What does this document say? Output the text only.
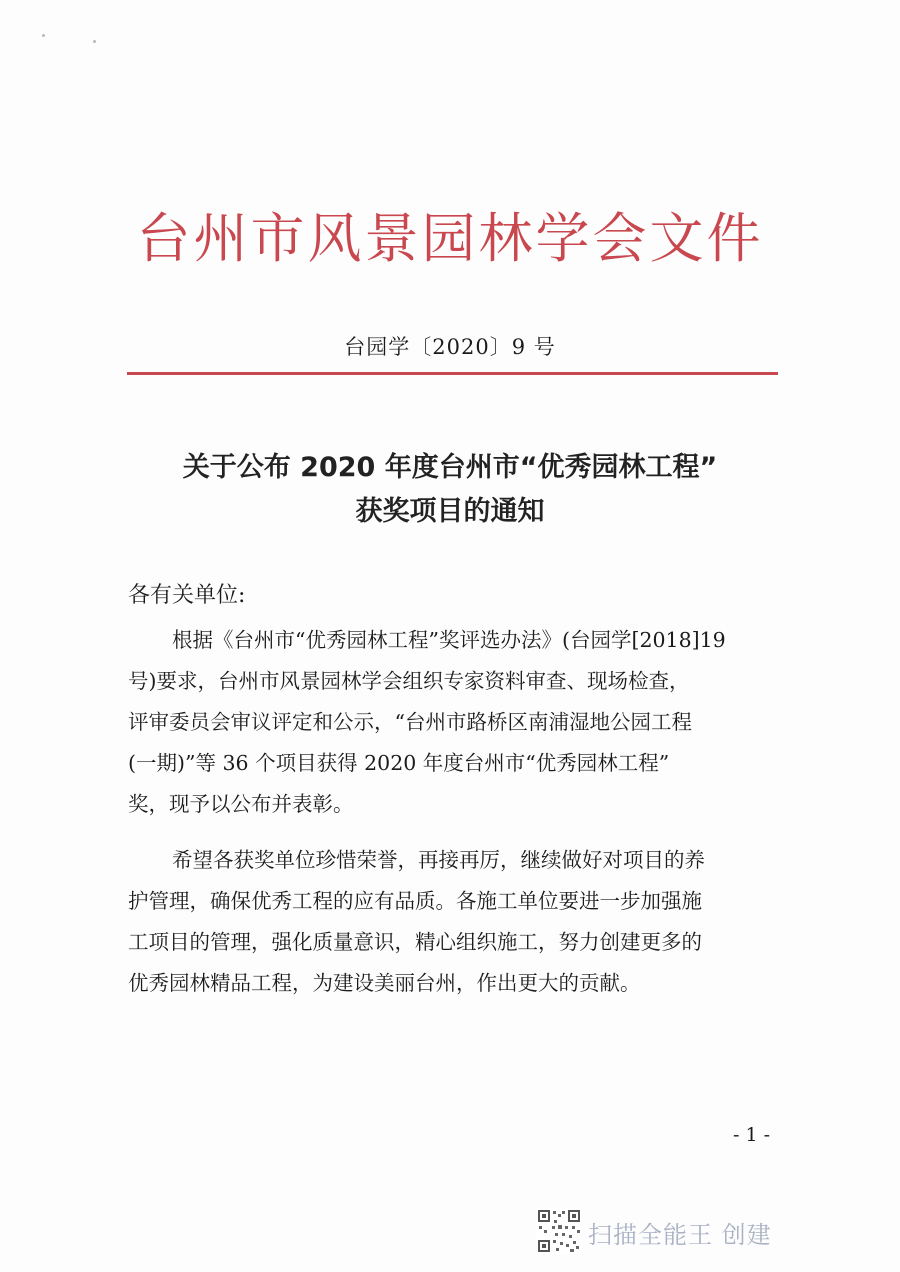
台州市风景园林学会文件
台园学〔2020〕9 号
关于公布 2020 年度台州市“优秀园林工程”
获奖项目的通知
各有关单位:
根据《台州市“优秀园林工程”奖评选办法》(台园学[2018]19
号)要求，台州市风景园林学会组织专家资料审查、现场检查，
评审委员会审议评定和公示，“台州市路桥区南浦湿地公园工程
(一期)”等 36 个项目获得 2020 年度台州市“优秀园林工程”
奖，现予以公布并表彰。
希望各获奖单位珍惜荣誉，再接再厉，继续做好对项目的养
护管理，确保优秀工程的应有品质。各施工单位要进一步加强施
工项目的管理，强化质量意识，精心组织施工，努力创建更多的
优秀园林精品工程，为建设美丽台州，作出更大的贡献。
- 1 -
扫描全能王 创建
